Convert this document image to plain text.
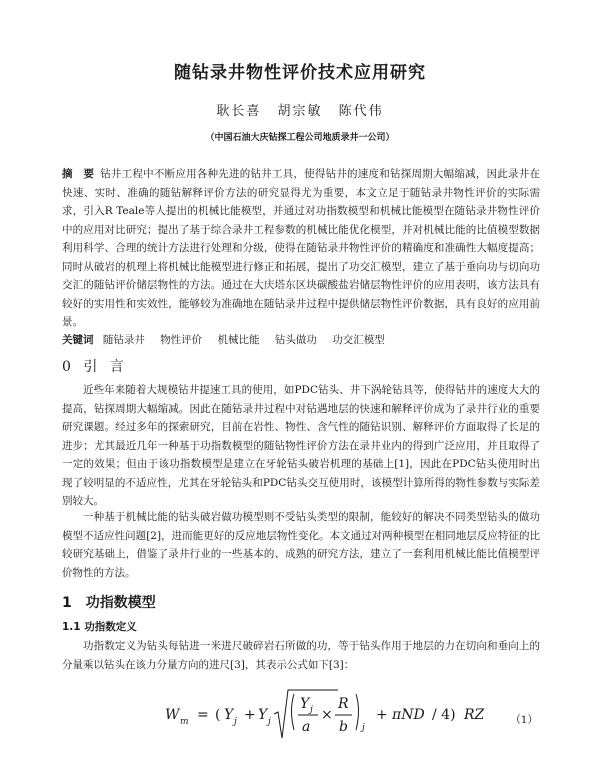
随钻录井物性评价技术应用研究
耿长喜 胡宗敏 陈代伟
（中国石油大庆钻探工程公司地质录井一公司）
摘　要 钻井工程中不断应用各种先进的钻井工具，使得钻井的速度和钻探周期大幅缩减，因此录井在快速、实时、准确的随钻解释评价方法的研究显得尤为重要，本文立足于随钻录井物性评价的实际需求，引入R Teale等人提出的机械比能模型，并通过对功指数模型和机械比能模型在随钻录井物性评价中的应用对比研究；提出了基于综合录井工程参数的机械比能优化模型，并对机械比能的比值模型数据利用科学、合理的统计方法进行处理和分级，使得在随钻录井物性评价的精确度和准确性大幅度提高；同时从破岩的机理上将机械比能模型进行修正和拓展，提出了功交汇模型，建立了基于垂向功与切向功交汇的随钻评价储层物性的方法。通过在大庆塔东区块碳酸盐岩储层物性评价的应用表明，该方法具有较好的实用性和实效性，能够较为准确地在随钻录井过程中提供储层物性评价数据，具有良好的应用前景。
关键词 随钻录井 物性评价 机械比能 钻头做功 功交汇模型
0 引 言
近些年来随着大规模钻井提速工具的使用，如PDC钻头、井下涡轮钻具等，使得钻井的速度大大的提高，钻探周期大幅缩减。因此在随钻录井过程中对钻遇地层的快速和解释评价成为了录井行业的重要研究课题。经过多年的探索研究，目前在岩性、物性、含气性的随钻识别、解释评价方面取得了长足的进步；尤其最近几年一种基于功指数模型的随钻物性评价方法在录井业内的得到广泛应用，并且取得了一定的效果；但由于该功指数模型是建立在牙轮钻头破岩机理的基础上[1]，因此在PDC钻头使用时出现了较明显的不适应性，尤其在牙轮钻头和PDC钻头交互使用时，该模型计算所得的物性参数与实际差别较大。
一种基于机械比能的钻头破岩做功模型则不受钻头类型的限制，能较好的解决不同类型钻头的做功模型不适应性问题[2]，进而能更好的反应地层物性变化。本文通过对两种模型在相同地层反应特征的比较研究基础上，借鉴了录井行业的一些基本的、成熟的研究方法，建立了一套利用机械比能比值模型评价物性的方法。
1　功指数模型
1.1 功指数定义
功指数定义为钻头每钻进一米进尺破碎岩石所做的功，等于钻头作用于地层的力在切向和垂向上的分量乘以钻头在该力分量方向的进尺[3]，其表示公式如下[3]：
W m = ( Y j + Y j
Y j
a
×
R
b j
+ πND / 4) RZ （1）
